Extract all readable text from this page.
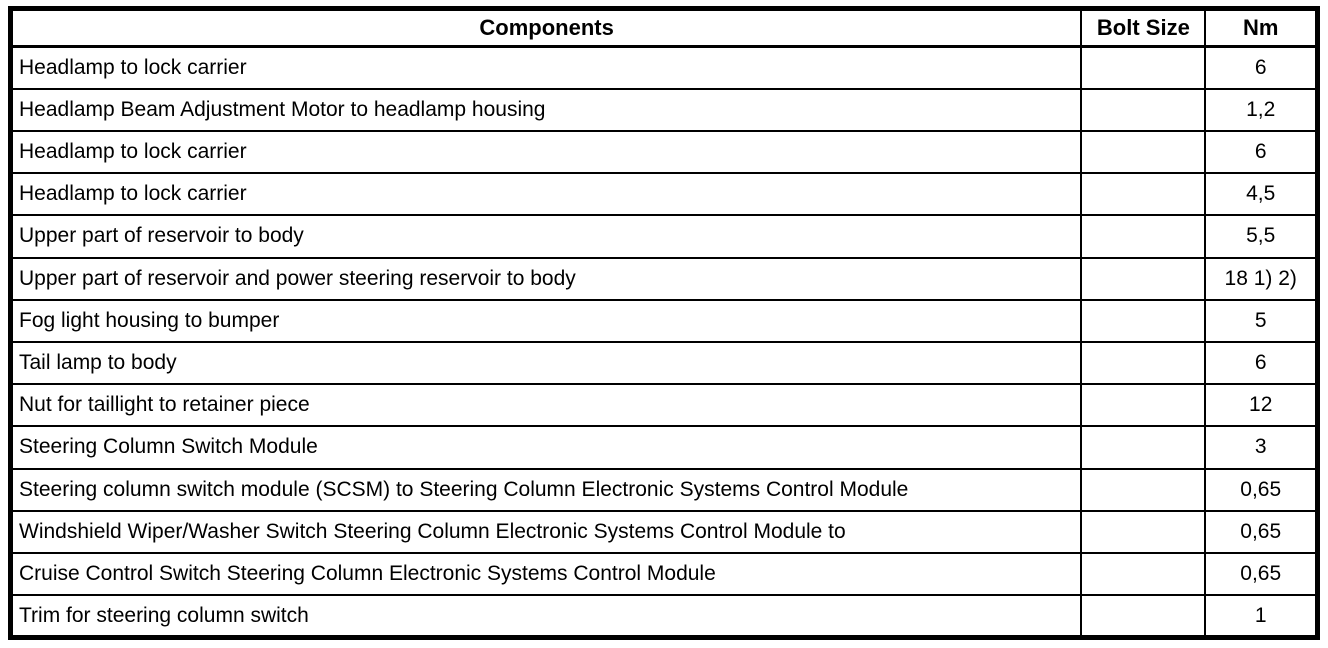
Components	Bolt Size	Nm
Headlamp to lock carrier		6
Headlamp Beam Adjustment Motor to headlamp housing		1,2
Headlamp to lock carrier		6
Headlamp to lock carrier		4,5
Upper part of reservoir to body		5,5
Upper part of reservoir and power steering reservoir to body		18 1) 2)
Fog light housing to bumper		5
Tail lamp to body		6
Nut for taillight to retainer piece		12
Steering Column Switch Module		3
Steering column switch module (SCSM) to Steering Column Electronic Systems Control Module		0,65
Windshield Wiper/Washer Switch Steering Column Electronic Systems Control Module to		0,65
Cruise Control Switch Steering Column Electronic Systems Control Module		0,65
Trim for steering column switch		1
